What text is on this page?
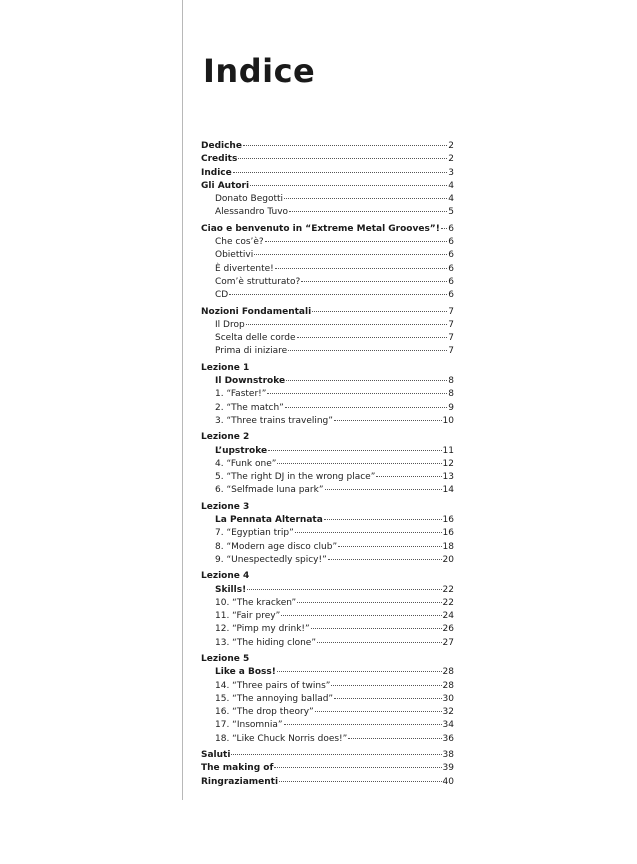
Indice
Dediche	2
Credits	2
Indice	3
Gli Autori	4
Donato Begotti	4
Alessandro Tuvo	5
Ciao e benvenuto in “Extreme Metal Grooves”! 6
Che cos’è?	6
Obiettivi	6
È divertente!	6
Com’è strutturato?	6
CD	6
Nozioni Fondamentali	7
Il Drop	7
Scelta delle corde	7
Prima di iniziare	7
Lezione 1
Il Downstroke	8
1. “Faster!”	8
2. “The match”	9
3. “Three trains traveling”	10
Lezione 2
L’upstroke	11
4. “Funk one”	12
5. “The right DJ in the wrong place”	13
6. “Selfmade luna park”	14
Lezione 3
La Pennata Alternata	16
7. “Egyptian trip”	16
8. “Modern age disco club”	18
9. “Unespectedly spicy!”	20
Lezione 4
Skills!	22
10. “The kracken”	22
11. “Fair prey”	24
12. “Pimp my drink!”	26
13. “The hiding clone”	27
Lezione 5
Like a Boss!	28
14. “Three pairs of twins”	28
15. “The annoying ballad”	30
16. “The drop theory”	32
17. “Insomnia”	34
18. “Like Chuck Norris does!”	36
Saluti	38
The making of	39
Ringraziamenti	40
